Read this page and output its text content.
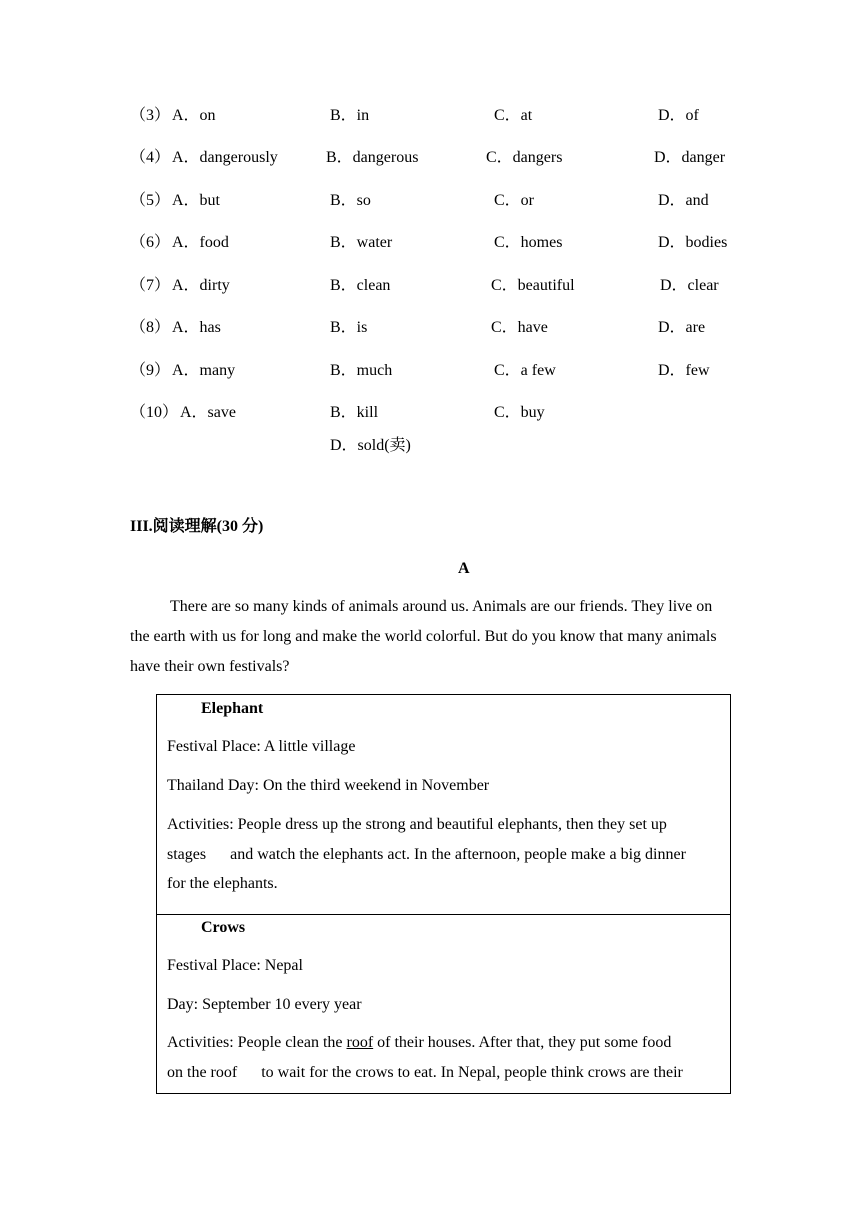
（3） A．on	B．in	C．at	D．of
（4） A．dangerously	B．dangerous	C．dangers	D．danger
（5） A．but	B．so	C．or	D．and
（6） A．food	B．water	C．homes	D．bodies
（7） A．dirty	B．clean	C．beautiful	D．clear
（8） A．has	B．is	C．have	D．are
（9） A．many	B．much	C．a few	D．few
（10） A．save	B．kill	C．buy
D．sold(卖)
III.阅读理解(30 分)
A
There are so many kinds of animals around us. Animals are our friends. They live on the earth with us for long and make the world colorful. But do you know that many animals have their own festivals?
Elephant
Festival Place: A little village
Thailand Day: On the third weekend in November
Activities: People dress up the strong and beautiful elephants, then they set up
stages      and watch the elephants act. In the afternoon, people make a big dinner
for the elephants.
Crows
Festival Place: Nepal
Day: September 10 every year
Activities: People clean the roof of their houses. After that, they put some food
on the roof      to wait for the crows to eat. In Nepal, people think crows are their
